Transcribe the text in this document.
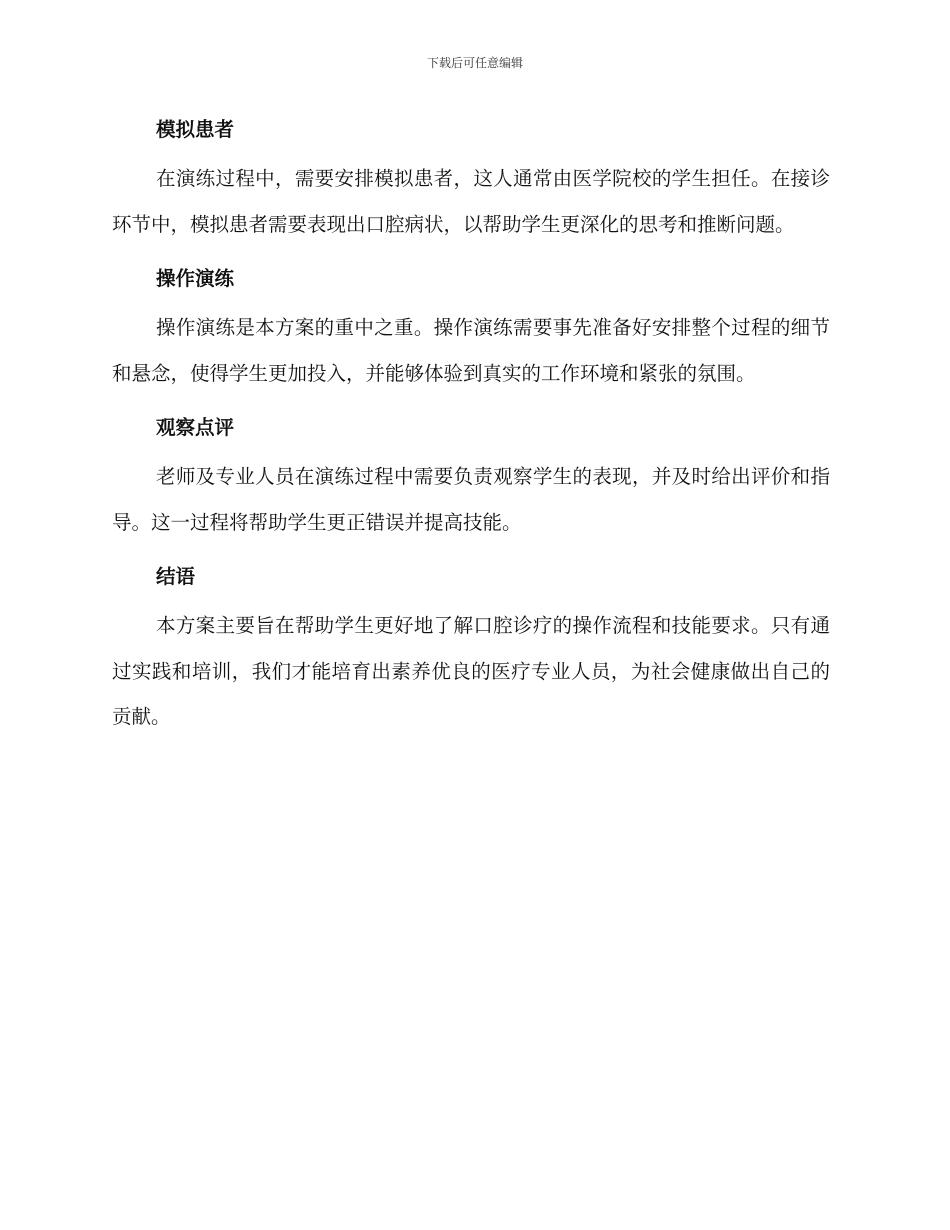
下载后可任意编辑
模拟患者

在演练过程中，需要安排模拟患者，这人通常由医学院校的学生担任。在接诊环节中，模拟患者需要表现出口腔病状，以帮助学生更深化的思考和推断问题。

操作演练

操作演练是本方案的重中之重。操作演练需要事先准备好安排整个过程的细节和悬念，使得学生更加投入，并能够体验到真实的工作环境和紧张的氛围。

观察点评

老师及专业人员在演练过程中需要负责观察学生的表现，并及时给出评价和指导。这一过程将帮助学生更正错误并提高技能。

结语

本方案主要旨在帮助学生更好地了解口腔诊疗的操作流程和技能要求。只有通过实践和培训，我们才能培育出素养优良的医疗专业人员，为社会健康做出自己的贡献。
